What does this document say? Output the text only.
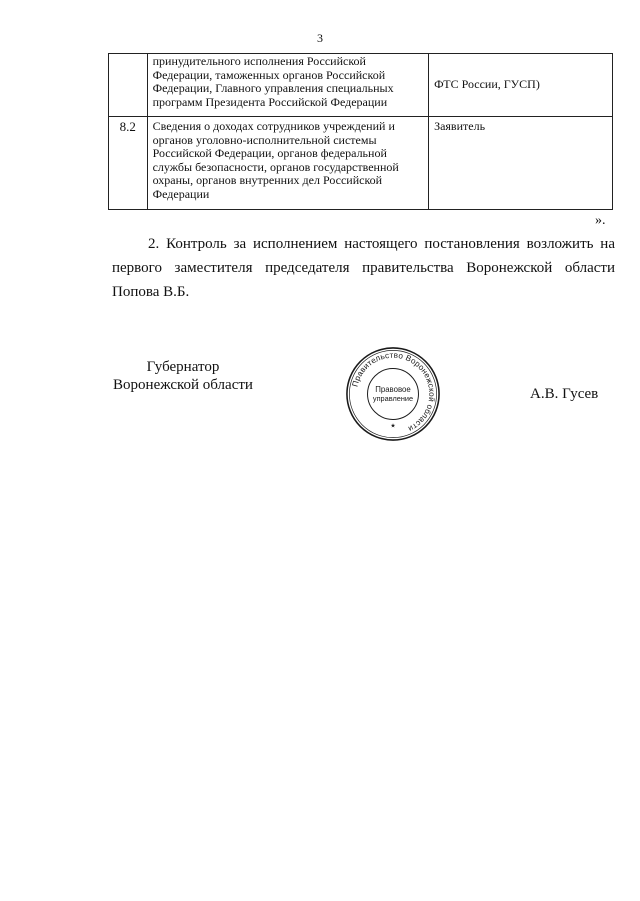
3
	принудительного исполнения Российской Федерации, таможенных органов Российской Федерации, Главного управления специальных программ Президента Российской Федерации	ФТС России, ГУСП)
8.2	Сведения о доходах сотрудников учреждений и органов уголовно-исполнительной системы Российской Федерации, органов федеральной службы безопасности, органов государственной охраны, органов внутренних дел Российской Федерации	Заявитель
».
2. Контроль за исполнением настоящего постановления возложить на
первого заместителя председателя правительства Воронежской области
Попова В.Б.
Губернатор
Воронежской области	Правительство Воронежской области
Правовое
управление
★
А.В. Гусев
